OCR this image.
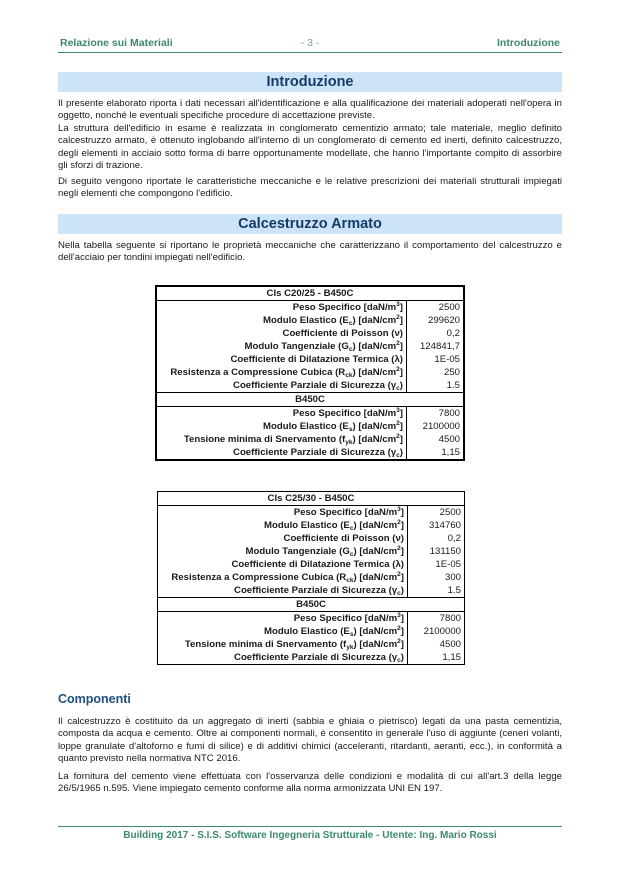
Relazione sui Materiali	- 3 -	Introduzione
Introduzione

Il presente elaborato riporta i dati necessari all'identificazione e alla qualificazione dei materiali adoperati nell'opera in oggetto, nonché le eventuali specifiche procedure di accettazione previste.

La struttura dell'edificio in esame è realizzata in conglomerato cementizio armato; tale materiale, meglio definito calcestruzzo armato, è ottenuto inglobando all'interno di un conglomerato di cemento ed inerti, definito calcestruzzo, degli elementi in acciaio sotto forma di barre opportunamente modellate, che hanno l'importante compito di assorbire gli sforzi di trazione.

Di seguito vengono riportate le caratteristiche meccaniche e le relative prescrizioni dei materiali strutturali impiegati negli elementi che compongono l'edificio.

Calcestruzzo Armato

Nella tabella seguente si riportano le proprietà meccaniche che caratterizzano il comportamento del calcestruzzo e dell'acciaio per tondini impiegati nell'edificio.

Cls C20/25 - B450C	
Peso Specifico $[daN/m^3]$	2500
Modulo Elastico $(E_c)$ $[daN/cm^2]$	299620
Coefficiente di Poisson (ν)	0,2
Modulo Tangenziale $(G_c)$ $[daN/cm^2]$	124841,7
Coefficiente di Dilatazione Termica (λ)	1E-05
Resistenza a Compressione Cubica $(R_{ck})$ $[daN/cm^2]$	250
Coefficiente Parziale di Sicurezza $(\gamma_c)$	1.5
B450C	
Peso Specifico $[daN/m^3]$	7800
Modulo Elastico $(E_s)$ $[daN/cm^2]$	2100000
Tensione minima di Snervamento $(f_{yk})$ $[daN/cm^2]$	4500
Coefficiente Parziale di Sicurezza $(\gamma_c)$	1,15
Cls C25/30 - B450C	
Peso Specifico $[daN/m^3]$	2500
Modulo Elastico $(E_c)$ $[daN/cm^2]$	314760
Coefficiente di Poisson (ν)	0,2
Modulo Tangenziale $(G_c)$ $[daN/cm^2]$	131150
Coefficiente di Dilatazione Termica (λ)	1E-05
Resistenza a Compressione Cubica $(R_{ck})$ $[daN/cm^2]$	300
Coefficiente Parziale di Sicurezza $(\gamma_c)$	1.5
B450C	
Peso Specifico $[daN/m^3]$	7800
Modulo Elastico $(E_s)$ $[daN/cm^2]$	2100000
Tensione minima di Snervamento $(f_{yk})$ $[daN/cm^2]$	4500
Coefficiente Parziale di Sicurezza $(\gamma_c)$	1,15
Componenti

Il calcestruzzo è costituito da un aggregato di inerti (sabbia e ghiaia o pietrisco) legati da una pasta cementizia, composta da acqua e cemento. Oltre ai componenti normali, è consentito in generale l'uso di aggiunte (ceneri volanti, loppe granulate d'altoforno e fumi di silice) e di additivi chimici (acceleranti, ritardanti, aeranti, ecc.), in conformità a quanto previsto nella normativa NTC 2016.

La fornitura del cemento viene effettuata con l'osservanza delle condizioni e modalità di cui all'art.3 della legge 26/5/1965 n.595. Viene impiegato cemento conforme alla norma armonizzata UNI EN 197.

Building 2017 - S.I.S. Software Ingegneria Strutturale - Utente: Ing. Mario Rossi
